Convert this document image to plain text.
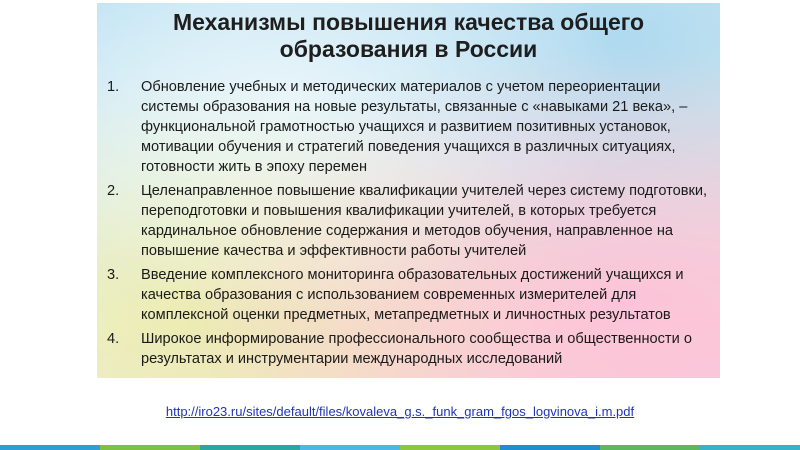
Механизмы повышения качества общего
образования в России
1. Обновление учебных и методических материалов с учетом переориентации системы образования на новые результаты, связанные с «навыками 21 века», – функциональной грамотностью учащихся и развитием позитивных установок, мотивации обучения и стратегий поведения учащихся в различных ситуациях, готовности жить в эпоху перемен
2. Целенаправленное повышение квалификации учителей через систему подготовки, переподготовки и повышения квалификации учителей, в которых требуется кардинальное обновление содержания и методов обучения, направленное на повышение качества и эффективности работы учителей
3. Введение комплексного мониторинга образовательных достижений учащихся и качества образования с использованием современных измерителей для комплексной оценки предметных, метапредметных и личностных результатов
4. Широкое информирование профессионального сообщества и общественности о результатах и инструментарии международных исследований
http://iro23.ru/sites/default/files/kovaleva_g.s._funk_gram_fgos_logvinova_i.m.pdf
